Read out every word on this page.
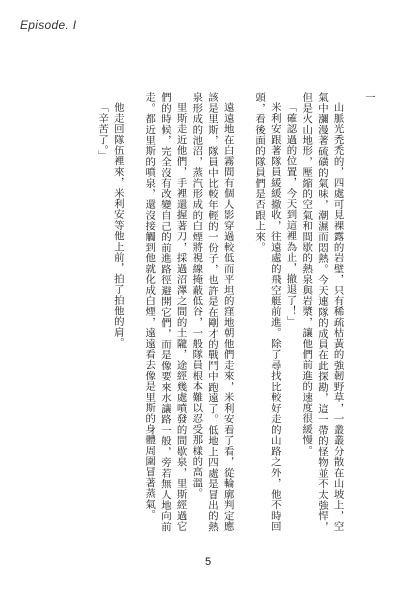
Episode. I

一

山脈光禿禿的，四處可見裸露的岩壁，只有稀疏枯黃的強韌野草，一叢叢分散在山坡上，空氣中瀰漫著硫磺的氣味，潮濕而悶熱。今天連隊的成員在此探勘，這一帶的怪物並不太強悍，但是火山地形，壓縮的空氣和間歇的熱泉與岩漿，讓他們前進的速度很緩慢。

「確認過的位置，今天到這裡為止，撤退了！」

米利安跟著隊員緩緩撤收，往遠處的飛空艇前進。除了尋找比較好走的山路之外，他不時回頭，看後面的隊員們是否跟上來。

遠遠地在白霧間有個人影穿過較低而平坦的窪地朝他們走來，米利安看了看，從輪廓判定應該是里斯，隊員中比較年輕的一份子，也許是在剛才的戰鬥中跑遠了。低地上四處是冒出的熱泉形成的池沼，蒸汽形成的白煙將視線掩蔽低谷，一般隊員根本難以忍受那樣的高溫。

里斯走近他們，手裡還握著刀，採過沼澤之間的土隴，途經幾處噴發的間歇泉，里斯經過它們的時候，完全沒有改變自己的前進路徑避開它們，而是像要來水讓路一般，旁若無人地向前走。都近里斯的噴泉，還沒接觸到他就化成白煙，遠遠看去像是里斯的身體周圍冒著蒸氣。

他走回隊伍裡來，米利安等他上前，拍了拍他的肩。

「辛苦了。」

5
